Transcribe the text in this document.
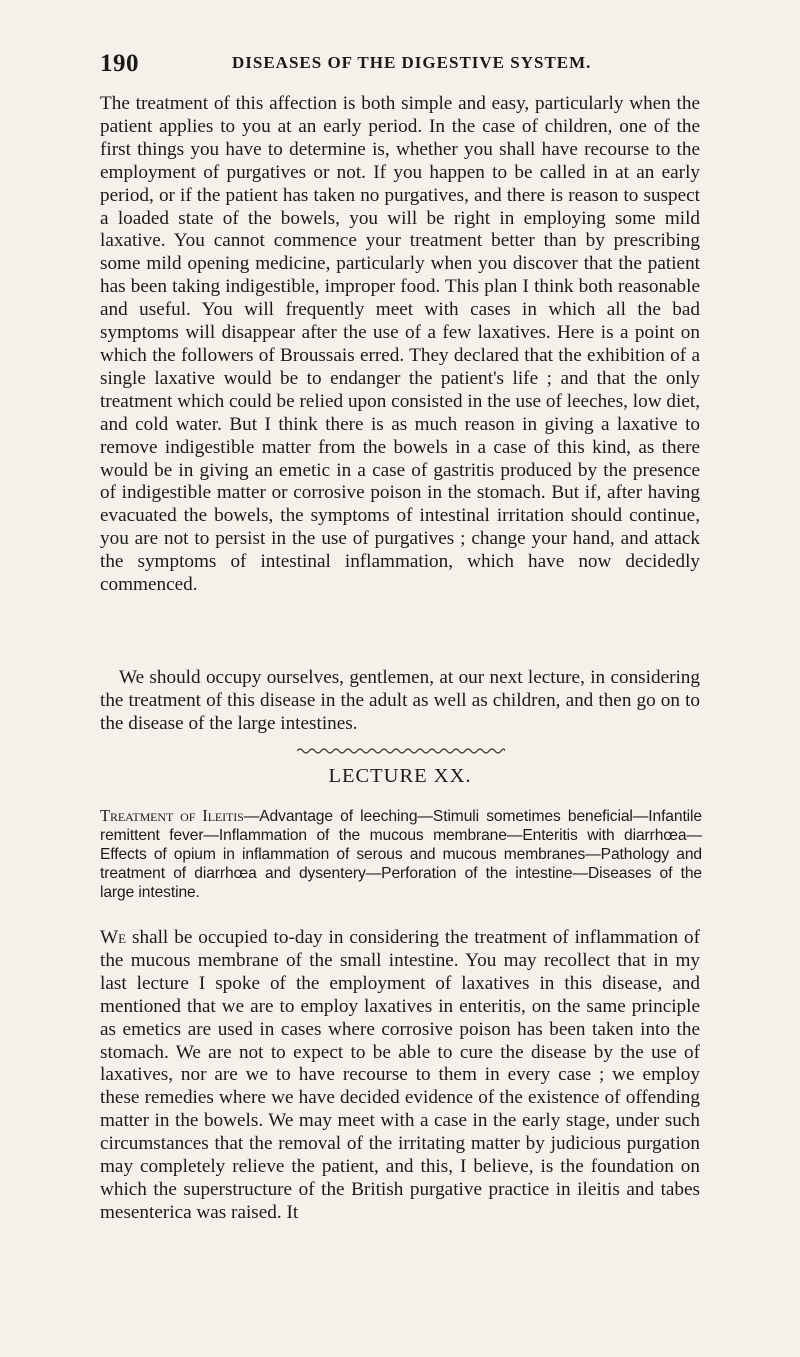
190	DISEASES OF THE DIGESTIVE SYSTEM.

The treatment of this affection is both simple and easy, particularly when the patient applies to you at an early period. In the case of children, one of the first things you have to determine is, whether you shall have recourse to the employment of purgatives or not. If you happen to be called in at an early period, or if the patient has taken no purgatives, and there is reason to suspect a loaded state of the bowels, you will be right in employing some mild laxative. You cannot commence your treatment better than by prescribing some mild opening medicine, particularly when you discover that the patient has been taking indigestible, improper food. This plan I think both reasonable and useful. You will frequently meet with cases in which all the bad symptoms will disappear after the use of a few laxatives. Here is a point on which the followers of Broussais erred. They declared that the exhibition of a single laxative would be to endanger the patient's life ; and that the only treatment which could be relied upon consisted in the use of leeches, low diet, and cold water. But I think there is as much reason in giving a laxative to remove indigestible matter from the bowels in a case of this kind, as there would be in giving an emetic in a case of gastritis produced by the presence of indigestible matter or corrosive poison in the stomach. But if, after having evacuated the bowels, the symptoms of intestinal irritation should continue, you are not to persist in the use of purgatives ; change your hand, and attack the symptoms of intestinal inflammation, which have now decidedly commenced.

We should occupy ourselves, gentlemen, at our next lecture, in considering the treatment of this disease in the adult as well as children, and then go on to the disease of the large intestines.

LECTURE XX.

Treatment of Ileitis—Advantage of leeching—Stimuli sometimes beneficial—Infantile remittent fever—Inflammation of the mucous membrane—Enteritis with diarrhœa—Effects of opium in inflammation of serous and mucous membranes—Pathology and treatment of diarrhœa and dysentery—Perforation of the intestine—Diseases of the large intestine.

We shall be occupied to-day in considering the treatment of inflammation of the mucous membrane of the small intestine. You may recollect that in my last lecture I spoke of the employment of laxatives in this disease, and mentioned that we are to employ laxatives in enteritis, on the same principle as emetics are used in cases where corrosive poison has been taken into the stomach. We are not to expect to be able to cure the disease by the use of laxatives, nor are we to have recourse to them in every case ; we employ these remedies where we have decided evidence of the existence of offending matter in the bowels. We may meet with a case in the early stage, under such circumstances that the removal of the irritating matter by judicious purgation may completely relieve the patient, and this, I believe, is the foundation on which the superstructure of the British purgative practice in ileitis and tabes mesenterica was raised. It
